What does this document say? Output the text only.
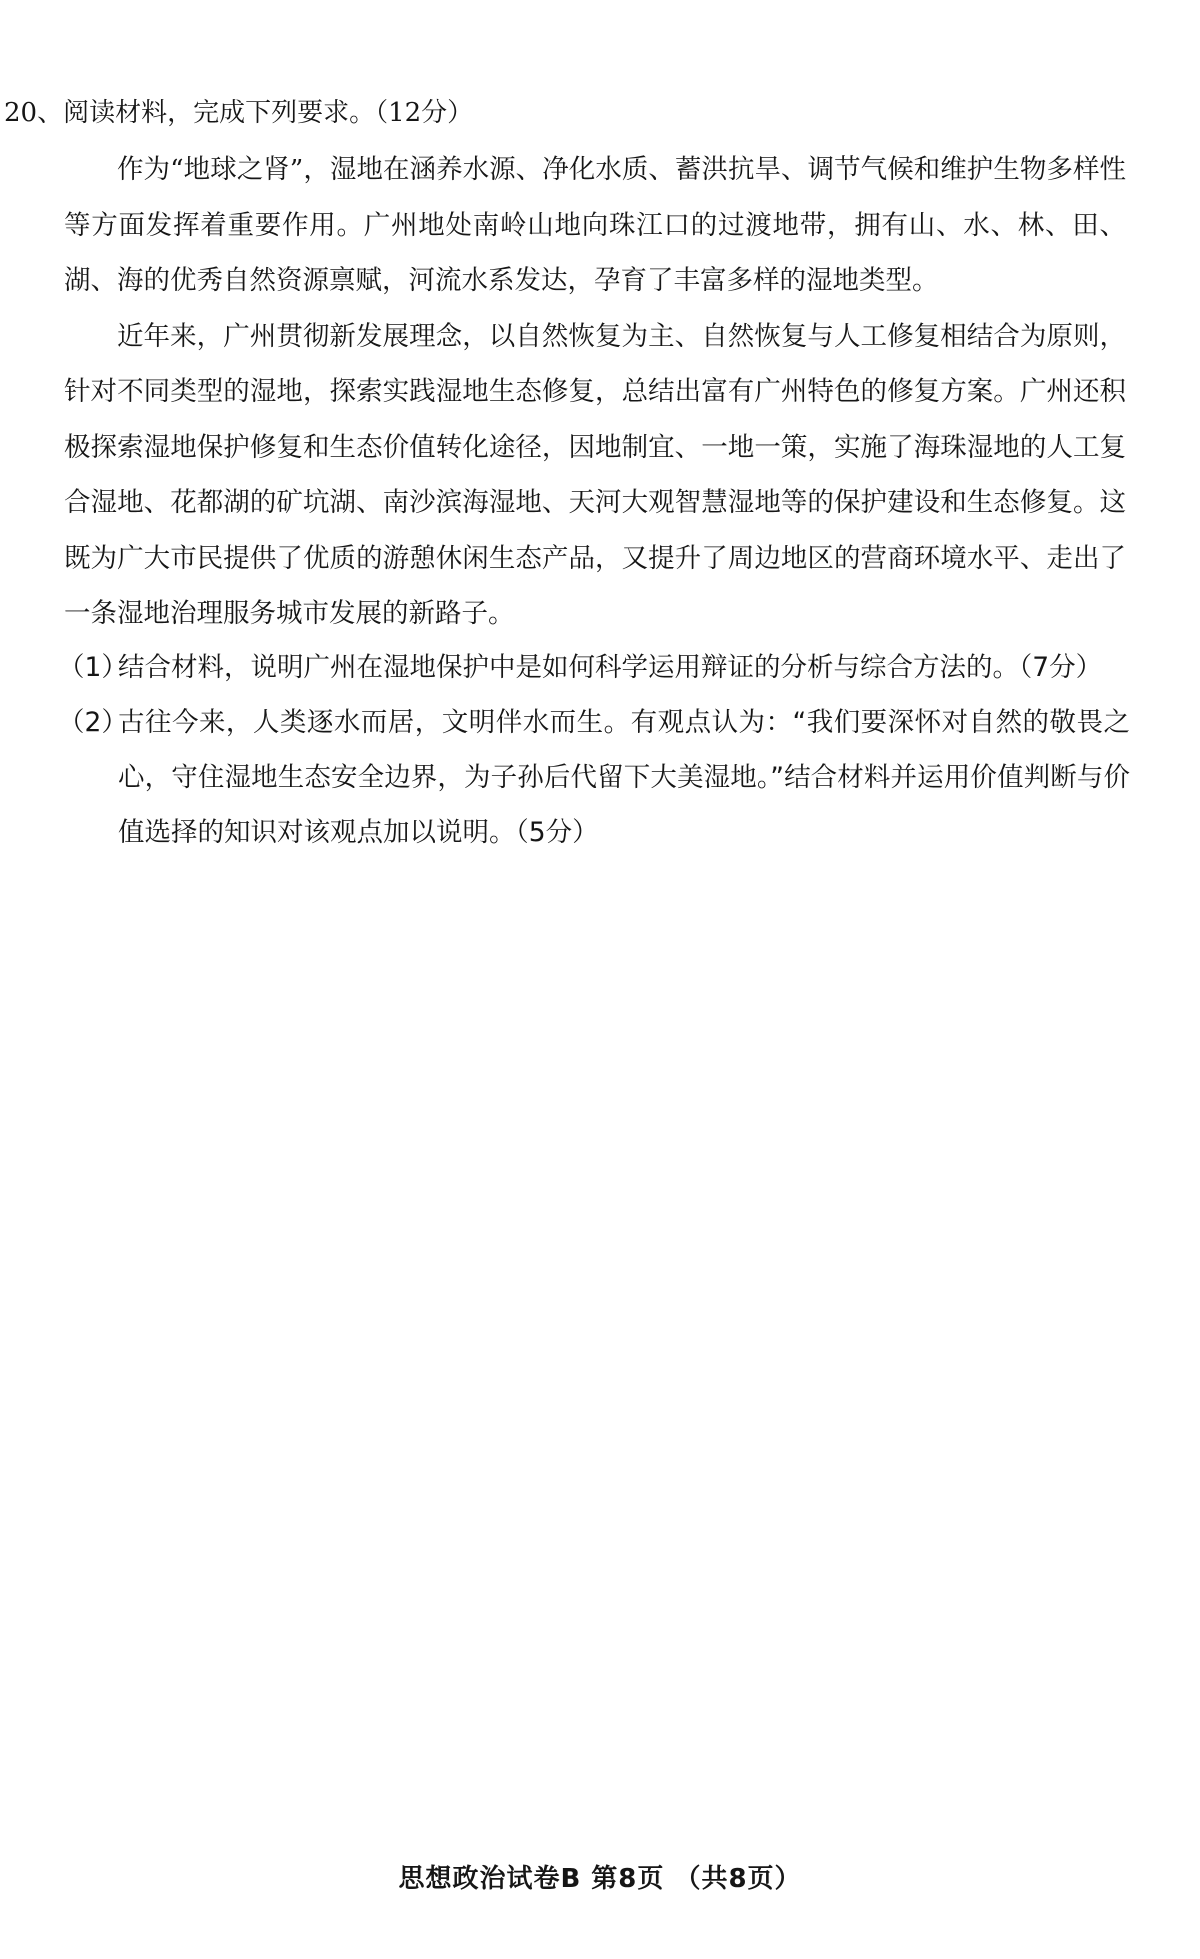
20、阅读材料，完成下列要求。（12分）

作为“地球之肾”，湿地在涵养水源、净化水质、蓄洪抗旱、调节气候和维护生物多样性等方面发挥着重要作用。广州地处南岭山地向珠江口的过渡地带，拥有山、水、林、田、湖、海的优秀自然资源禀赋，河流水系发达，孕育了丰富多样的湿地类型。

近年来，广州贯彻新发展理念，以自然恢复为主、自然恢复与人工修复相结合为原则，针对不同类型的湿地，探索实践湿地生态修复，总结出富有广州特色的修复方案。广州还积极探索湿地保护修复和生态价值转化途径，因地制宜、一地一策，实施了海珠湿地的人工复合湿地、花都湖的矿坑湖、南沙滨海湿地、天河大观智慧湿地等的保护建设和生态修复。这既为广大市民提供了优质的游憩休闲生态产品，又提升了周边地区的营商环境水平、走出了一条湿地治理服务城市发展的新路子。

（1）
结合材料，说明广州在湿地保护中是如何科学运用辩证的分析与综合方法的。（7分）
（2）
古往今来，人类逐水而居，文明伴水而生。有观点认为：“我们要深怀对自然的敬畏之心，守住湿地生态安全边界，为子孙后代留下大美湿地。”结合材料并运用价值判断与价值选择的知识对该观点加以说明。（5分）
思想政治试卷B 第8页 （共8页）
